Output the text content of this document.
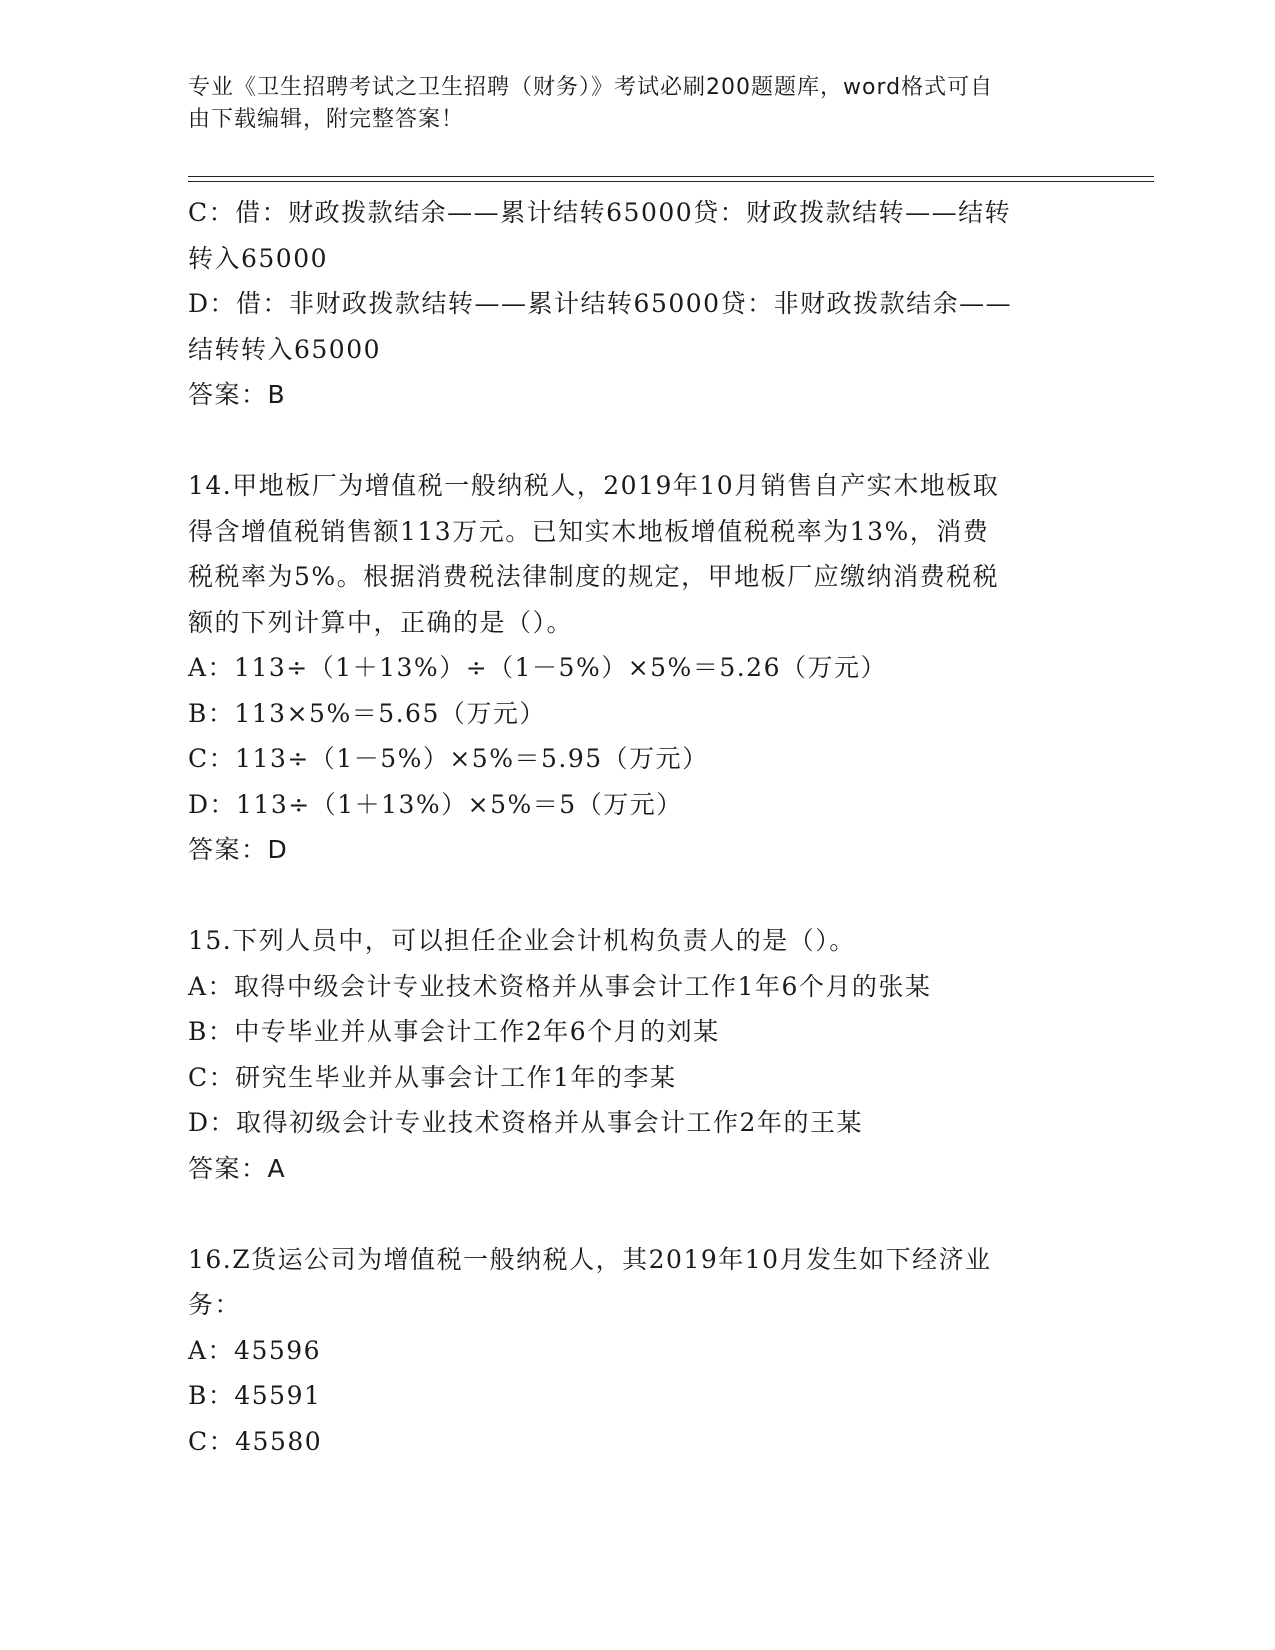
专业《卫生招聘考试之卫生招聘（财务）》考试必刷200题题库，word格式可自
由下载编辑，附完整答案！
C：借：财政拨款结余——累计结转65000贷：财政拨款结转——结转
转入65000
D：借：非财政拨款结转——累计结转65000贷：非财政拨款结余——
结转转入65000
答案：B
14.甲地板厂为增值税一般纳税人，2019年10月销售自产实木地板取
得含增值税销售额113万元。已知实木地板增值税税率为13%，消费
税税率为5%。根据消费税法律制度的规定，甲地板厂应缴纳消费税税
额的下列计算中，正确的是（）。
A：113÷（1＋13%）÷（1－5%）×5%＝5.26（万元）
B：113×5%＝5.65（万元）
C：113÷（1－5%）×5%＝5.95（万元）
D：113÷（1＋13%）×5%＝5（万元）
答案：D
15.下列人员中，可以担任企业会计机构负责人的是（）。
A：取得中级会计专业技术资格并从事会计工作1年6个月的张某
B：中专毕业并从事会计工作2年6个月的刘某
C：研究生毕业并从事会计工作1年的李某
D：取得初级会计专业技术资格并从事会计工作2年的王某
答案：A
16.Z货运公司为增值税一般纳税人，其2019年10月发生如下经济业
务：
A：45596
B：45591
C：45580
